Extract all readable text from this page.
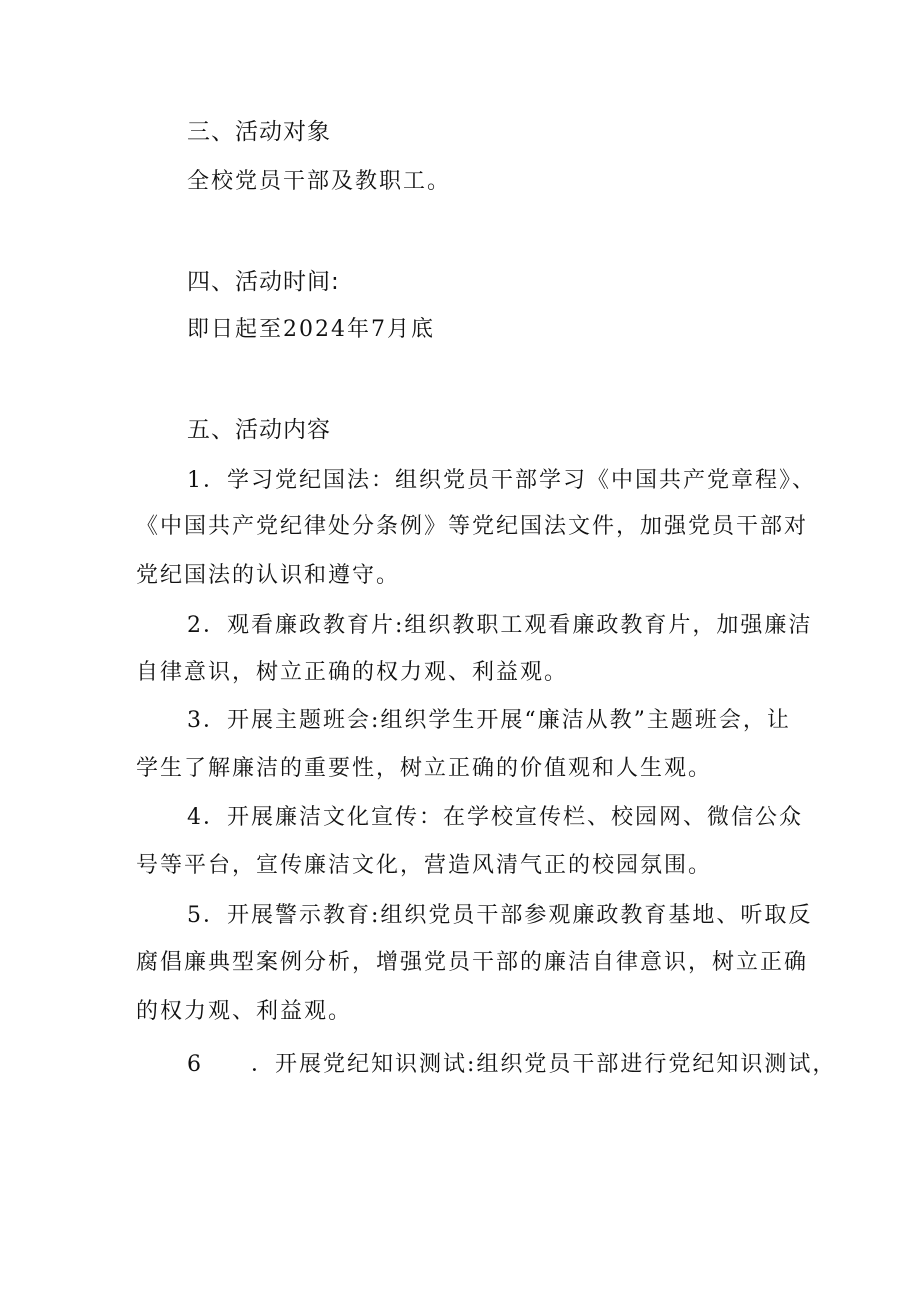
三、活动对象
全校党员干部及教职工。
四、活动时间:
即日起至2024年7月底
五、活动内容
1．学习党纪国法：组织党员干部学习《中国共产党章程》、
《中国共产党纪律处分条例》等党纪国法文件，加强党员干部对
党纪国法的认识和遵守。
2．观看廉政教育片:组织教职工观看廉政教育片，加强廉洁
自律意识，树立正确的权力观、利益观。
3．开展主题班会:组织学生开展“廉洁从教”主题班会，让
学生了解廉洁的重要性，树立正确的价值观和人生观。
4．开展廉洁文化宣传：在学校宣传栏、校园网、微信公众
号等平台，宣传廉洁文化，营造风清气正的校园氛围。
5．开展警示教育:组织党员干部参观廉政教育基地、听取反
腐倡廉典型案例分析，增强党员干部的廉洁自律意识，树立正确
的权力观、利益观。
6　　．开展党纪知识测试:组织党员干部进行党纪知识测试，
